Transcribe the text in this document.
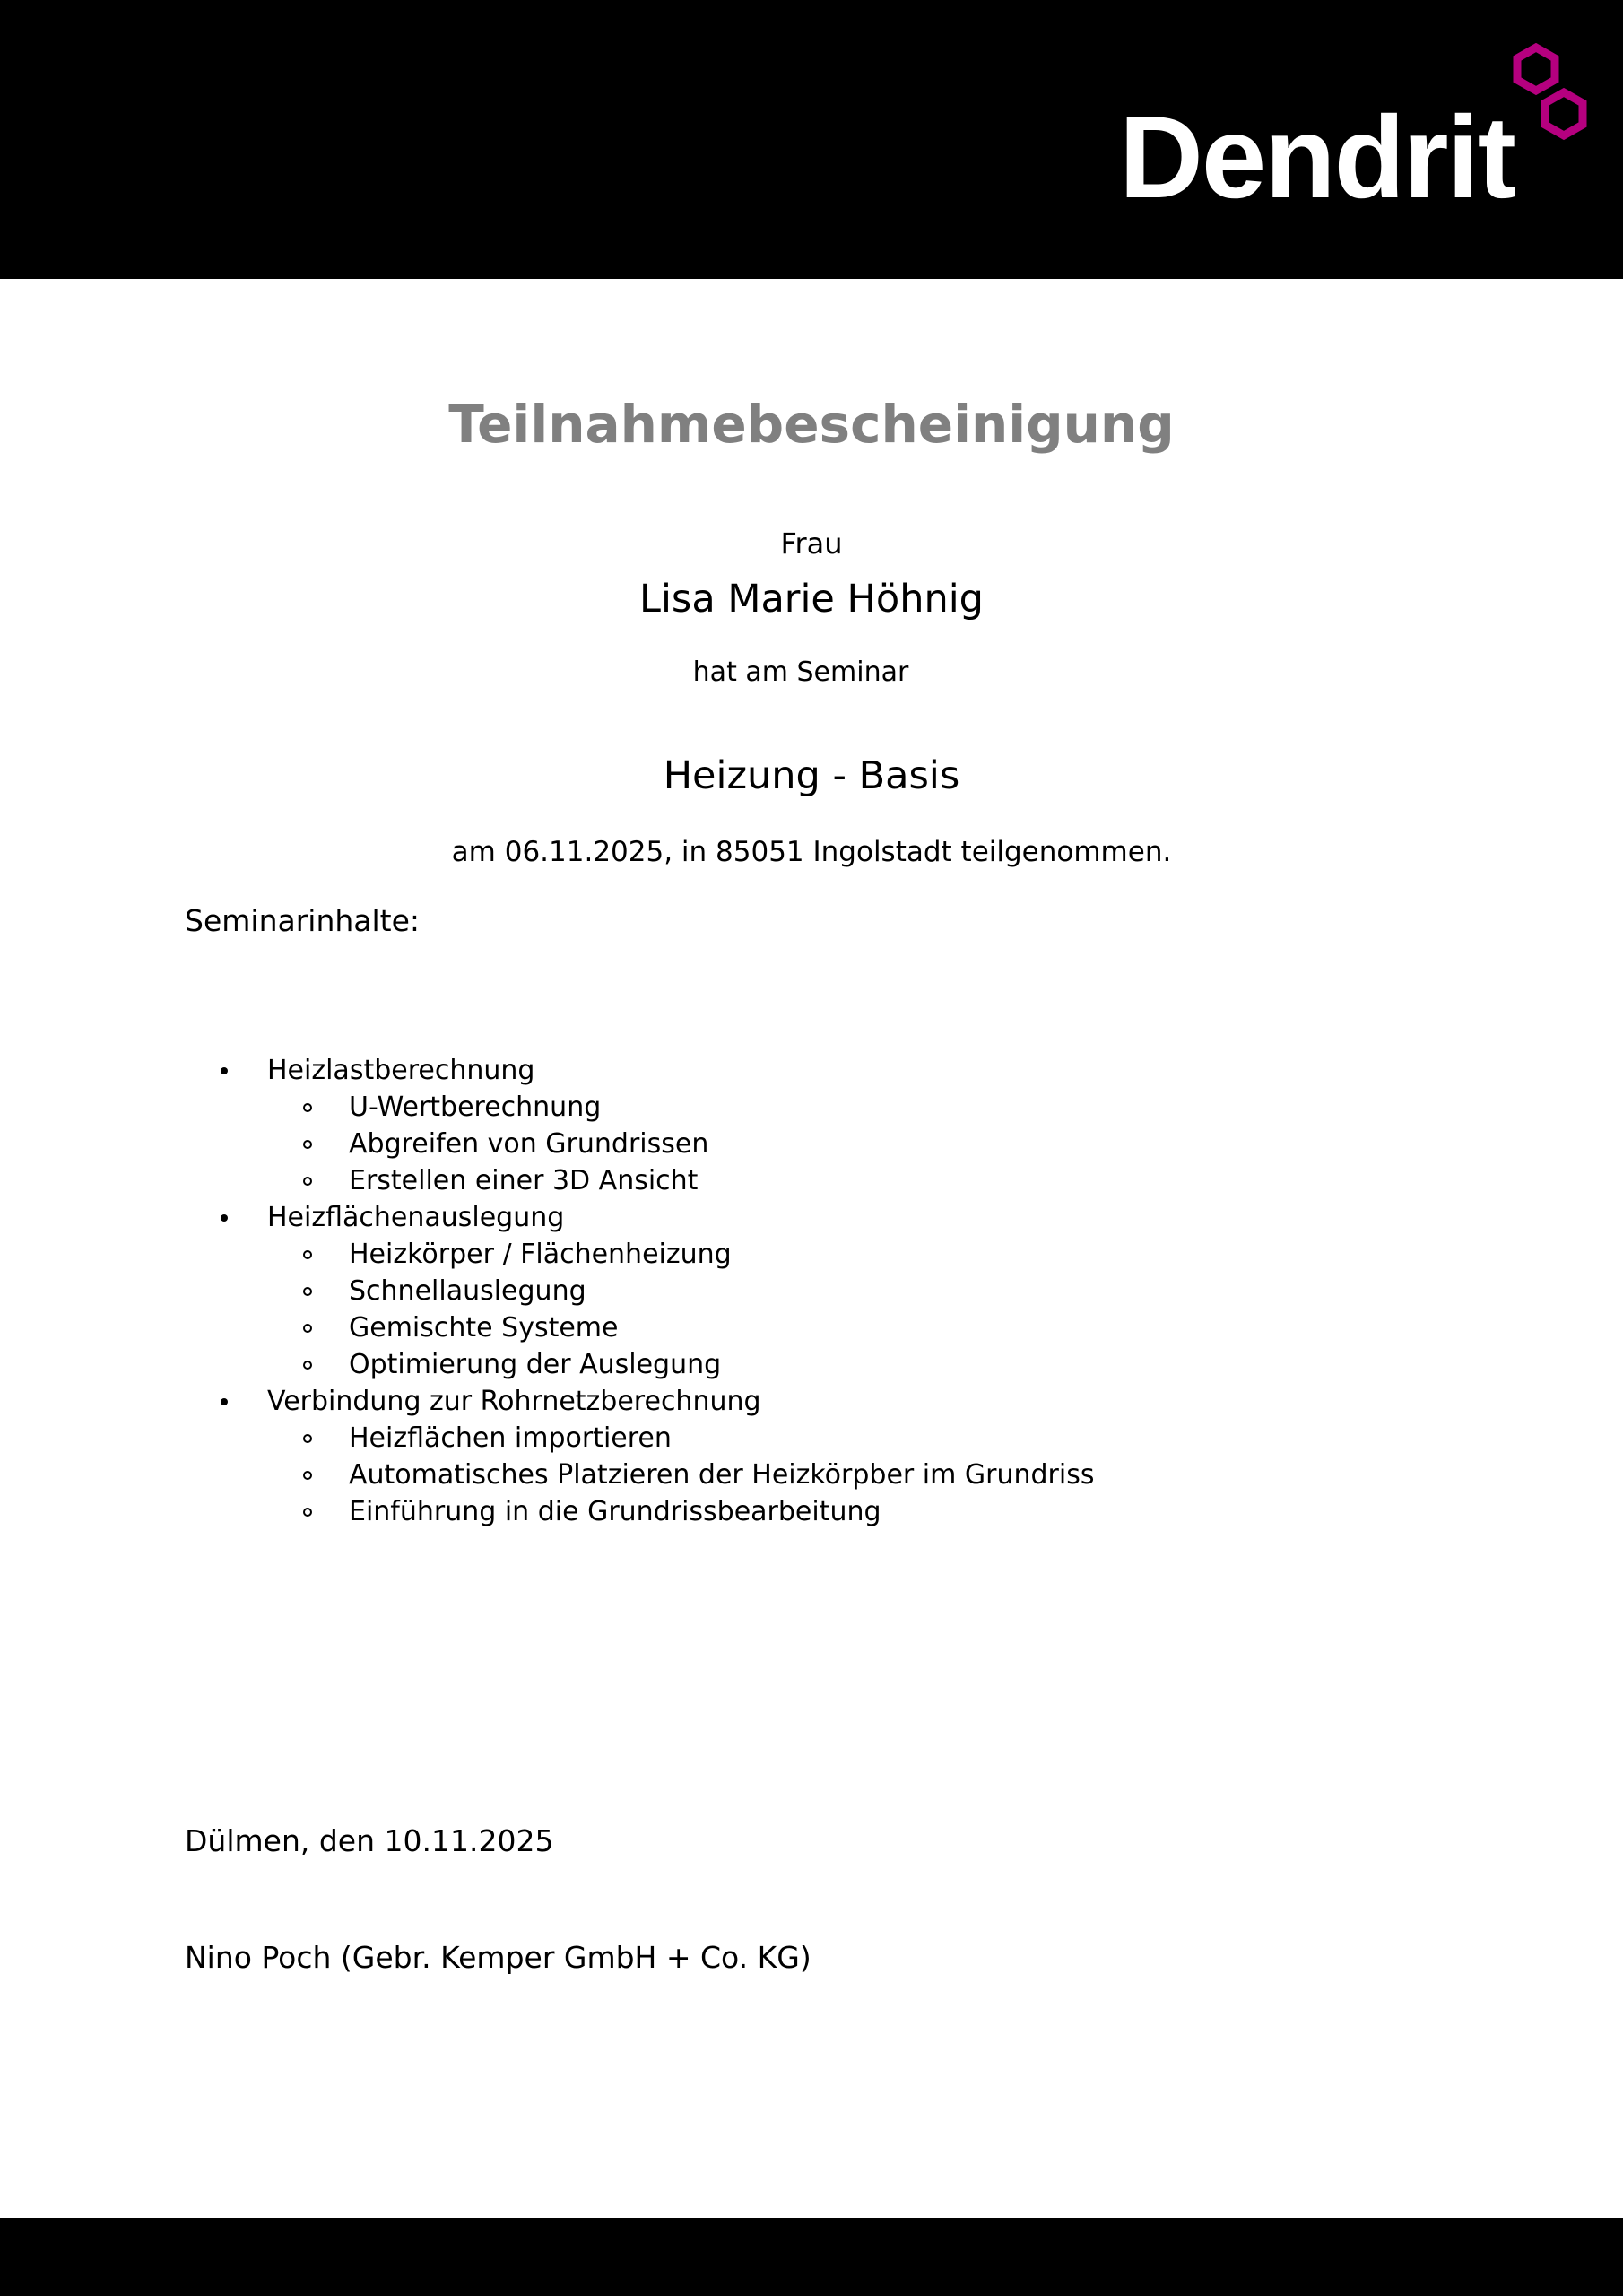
Dendrit
Teilnahmebescheinigung
Frau
Lisa Marie Höhnig
hat am Seminar
Heizung - Basis
am 06.11.2025, in 85051 Ingolstadt teilgenommen.
Seminarinhalte:
Heizlastberechnung
U-Wertberechnung
Abgreifen von Grundrissen
Erstellen einer 3D Ansicht
Heizflächenauslegung
Heizkörper / Flächenheizung
Schnellauslegung
Gemischte Systeme
Optimierung der Auslegung
Verbindung zur Rohrnetzberechnung
Heizflächen importieren
Automatisches Platzieren der Heizkörpber im Grundriss
Einführung in die Grundrissbearbeitung
Dülmen, den 10.11.2025
Nino Poch (Gebr. Kemper GmbH + Co. KG)
